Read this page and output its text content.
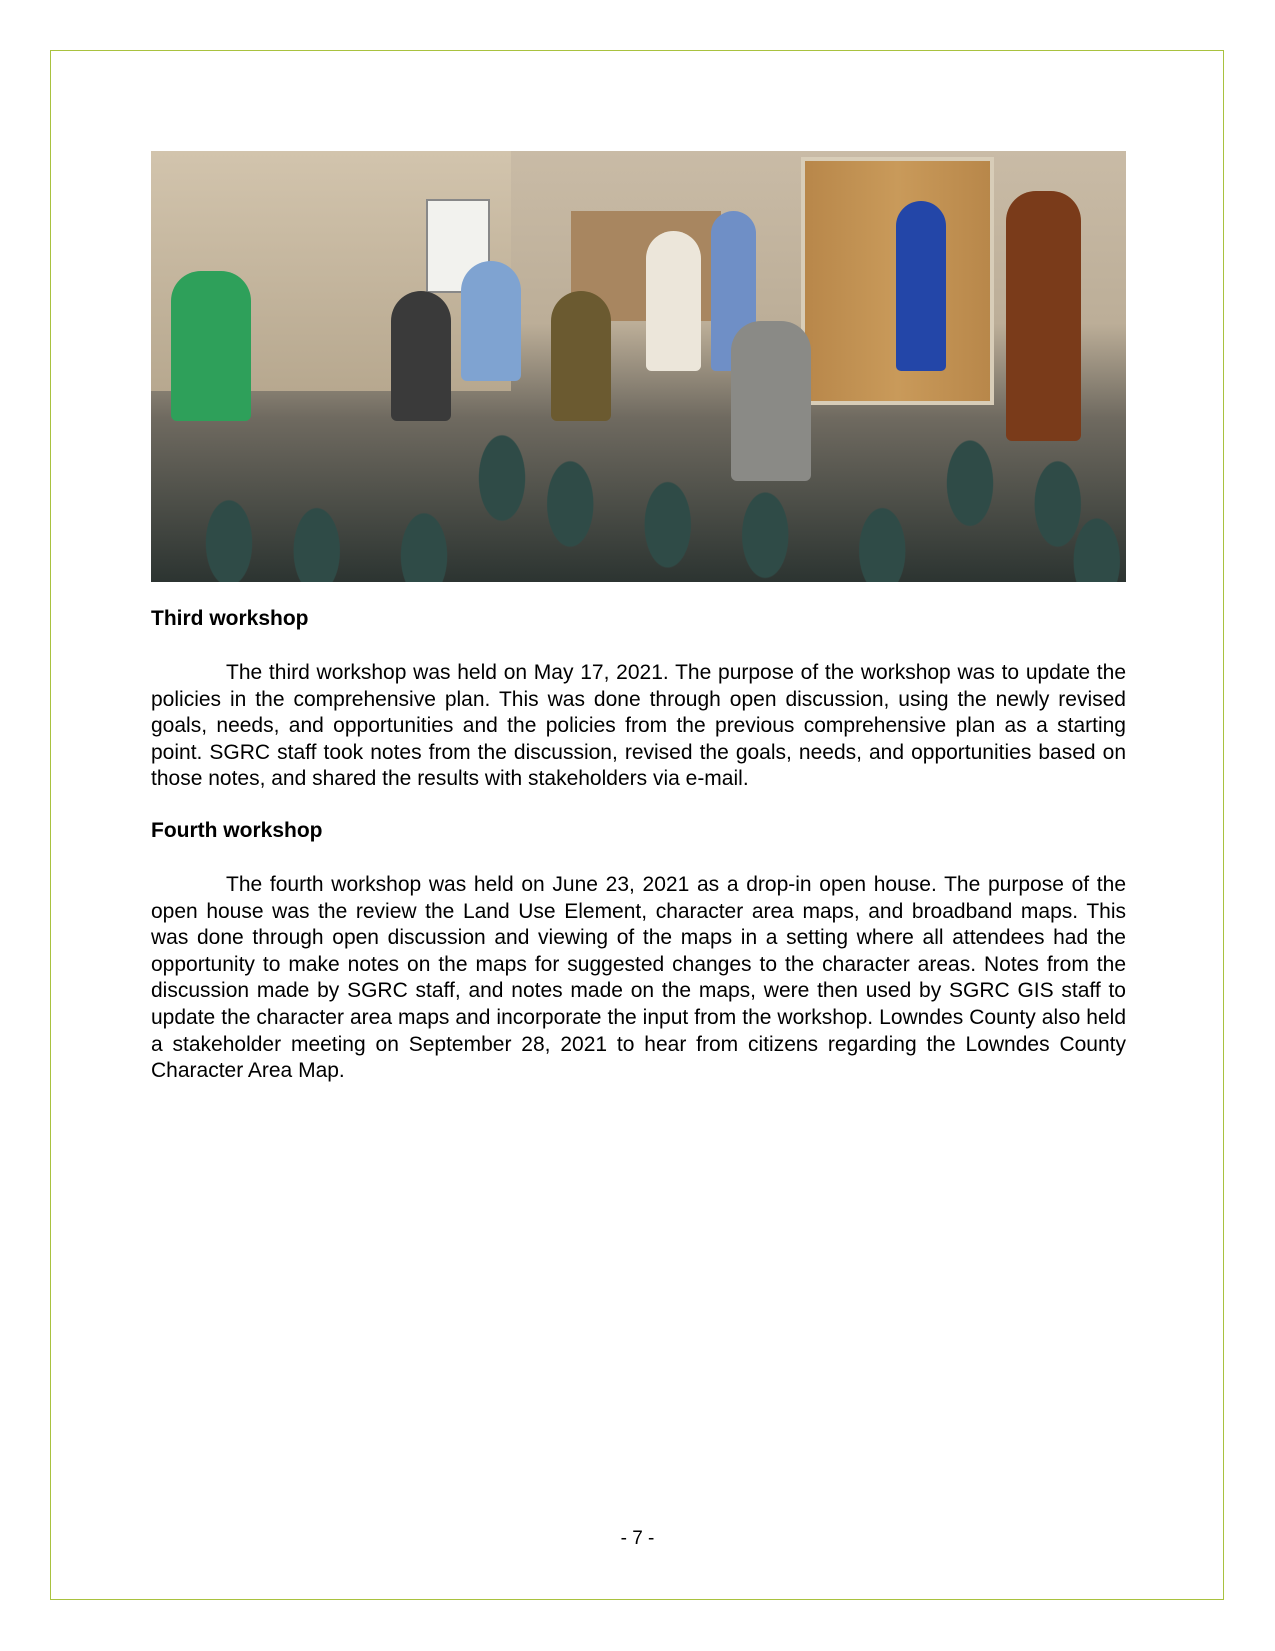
Third workshop

The third workshop was held on May 17, 2021. The purpose of the workshop was to update the policies in the comprehensive plan. This was done through open discussion, using the newly revised goals, needs, and opportunities and the policies from the previous comprehensive plan as a starting point. SGRC staff took notes from the discussion, revised the goals, needs, and opportunities based on those notes, and shared the results with stakeholders via e-mail.

Fourth workshop

The fourth workshop was held on June 23, 2021 as a drop-in open house. The purpose of the open house was the review the Land Use Element, character area maps, and broadband maps. This was done through open discussion and viewing of the maps in a setting where all attendees had the opportunity to make notes on the maps for suggested changes to the character areas. Notes from the discussion made by SGRC staff, and notes made on the maps, were then used by SGRC GIS staff to update the character area maps and incorporate the input from the workshop. Lowndes County also held a stakeholder meeting on September 28, 2021 to hear from citizens regarding the Lowndes County Character Area Map.

- 7 -
